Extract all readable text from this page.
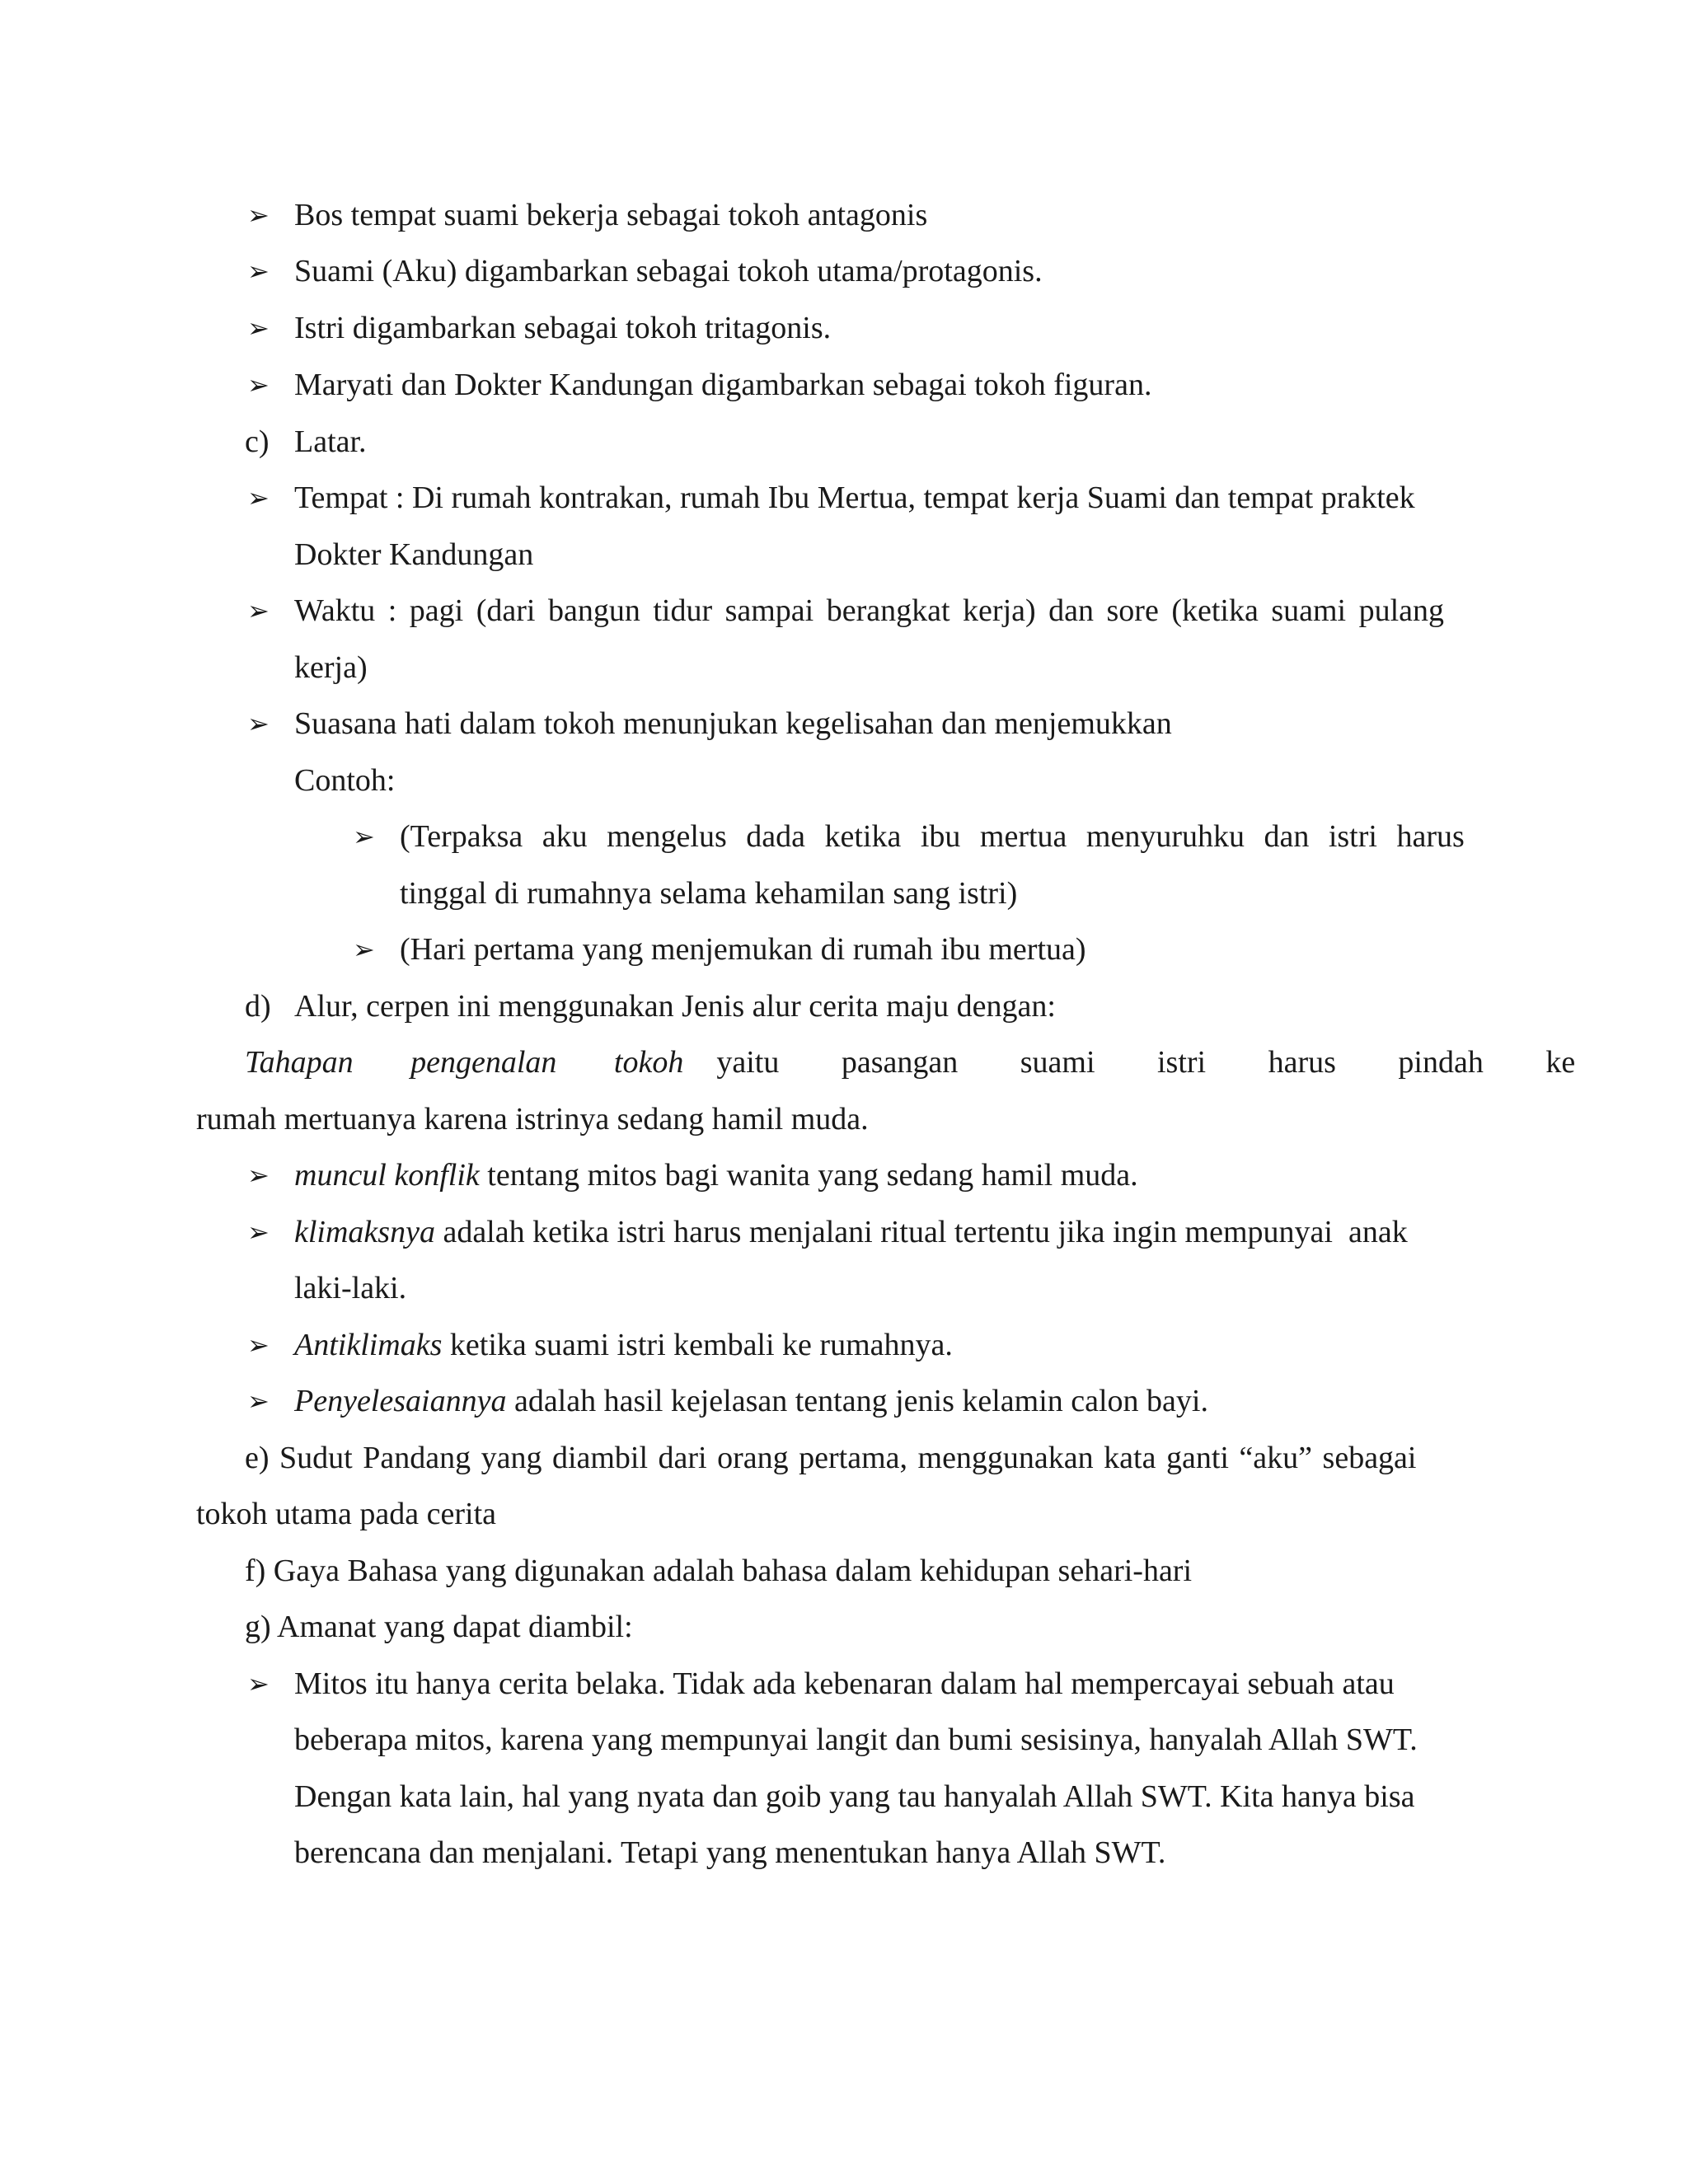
➢ Bos tempat suami bekerja sebagai tokoh antagonis
➢ Suami (Aku) digambarkan sebagai tokoh utama/protagonis.
➢ Istri digambarkan sebagai tokoh tritagonis.
➢ Maryati dan Dokter Kandungan digambarkan sebagai tokoh figuran.
c) Latar.
➢ Tempat : Di rumah kontrakan, rumah Ibu Mertua, tempat kerja Suami dan tempat praktek
Dokter Kandungan
➢ Waktu : pagi (dari bangun tidur sampai berangkat kerja) dan sore (ketika suami pulang
kerja)
➢ Suasana hati dalam tokoh menunjukan kegelisahan dan menjemukkan
Contoh:
➢ (Terpaksa aku mengelus dada ketika ibu mertua menyuruhku dan istri harus
tinggal di rumahnya selama kehamilan sang istri)
➢ (Hari pertama yang menjemukan di rumah ibu mertua)
d) Alur, cerpen ini menggunakan Jenis alur cerita maju dengan:
Tahapan pengenalan tokoh yaitu pasangan suami istri harus pindah ke
rumah mertuanya karena istrinya sedang hamil muda.
➢ muncul konflik tentang mitos bagi wanita yang sedang hamil muda.
➢ klimaksnya adalah ketika istri harus menjalani ritual tertentu jika ingin mempunyai  anak
laki-laki.
➢ Antiklimaks ketika suami istri kembali ke rumahnya.
➢ Penyelesaiannya adalah hasil kejelasan tentang jenis kelamin calon bayi.
e) Sudut Pandang yang diambil dari orang pertama, menggunakan kata ganti “aku” sebagai
tokoh utama pada cerita
f) Gaya Bahasa yang digunakan adalah bahasa dalam kehidupan sehari-hari
g) Amanat yang dapat diambil:
➢ Mitos itu hanya cerita belaka. Tidak ada kebenaran dalam hal mempercayai sebuah atau
beberapa mitos, karena yang mempunyai langit dan bumi sesisinya, hanyalah Allah SWT.
Dengan kata lain, hal yang nyata dan goib yang tau hanyalah Allah SWT. Kita hanya bisa
berencana dan menjalani. Tetapi yang menentukan hanya Allah SWT.
